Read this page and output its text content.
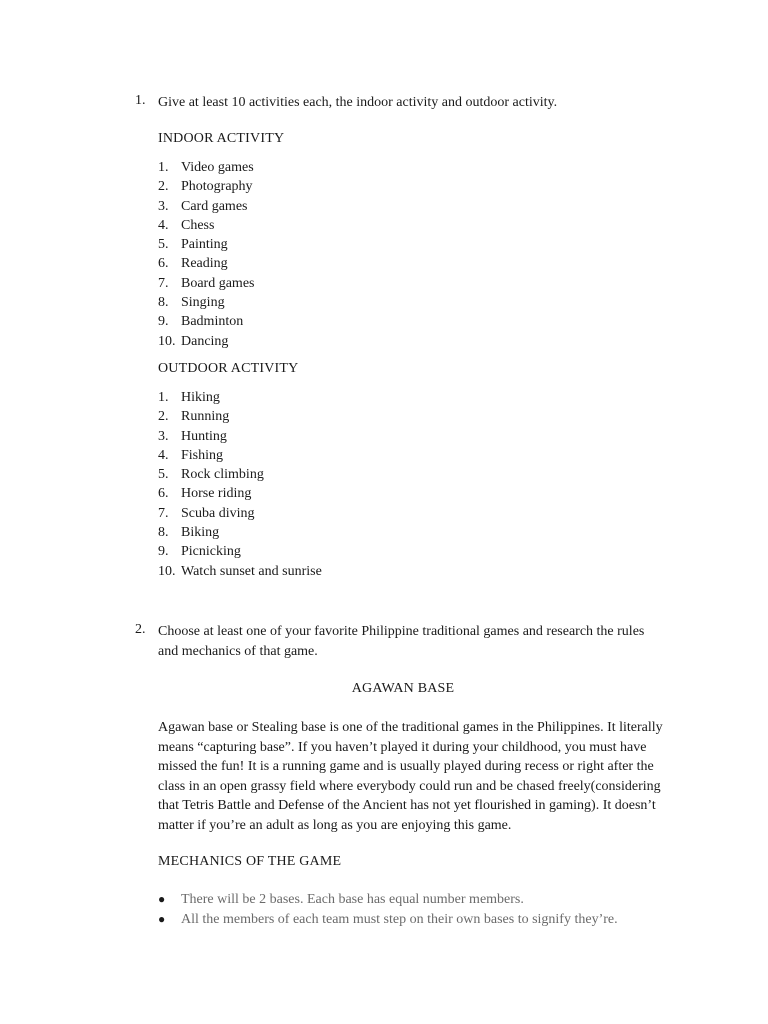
1. Give at least 10 activities each, the indoor activity and outdoor activity.
INDOOR ACTIVITY
1. Video games
2. Photography
3. Card games
4. Chess
5. Painting
6. Reading
7. Board games
8. Singing
9. Badminton
10. Dancing
OUTDOOR ACTIVITY
1. Hiking
2. Running
3. Hunting
4. Fishing
5. Rock climbing
6. Horse riding
7. Scuba diving
8. Biking
9. Picnicking
10. Watch sunset and sunrise
2. Choose at least one of your favorite Philippine traditional games and research the rules and mechanics of that game.
AGAWAN BASE
Agawan base or Stealing base is one of the traditional games in the Philippines. It literally means “capturing base”. If you haven’t played it during your childhood, you must have missed the fun! It is a running game and is usually played during recess or right after the class in an open grassy field where everybody could run and be chased freely(considering that Tetris Battle and Defense of the Ancient has not yet flourished in gaming). It doesn’t matter if you’re an adult as long as you are enjoying this game.
MECHANICS OF THE GAME
● There will be 2 bases. Each base has equal number members.
● All the members of each team must step on their own bases to signify they’re.
